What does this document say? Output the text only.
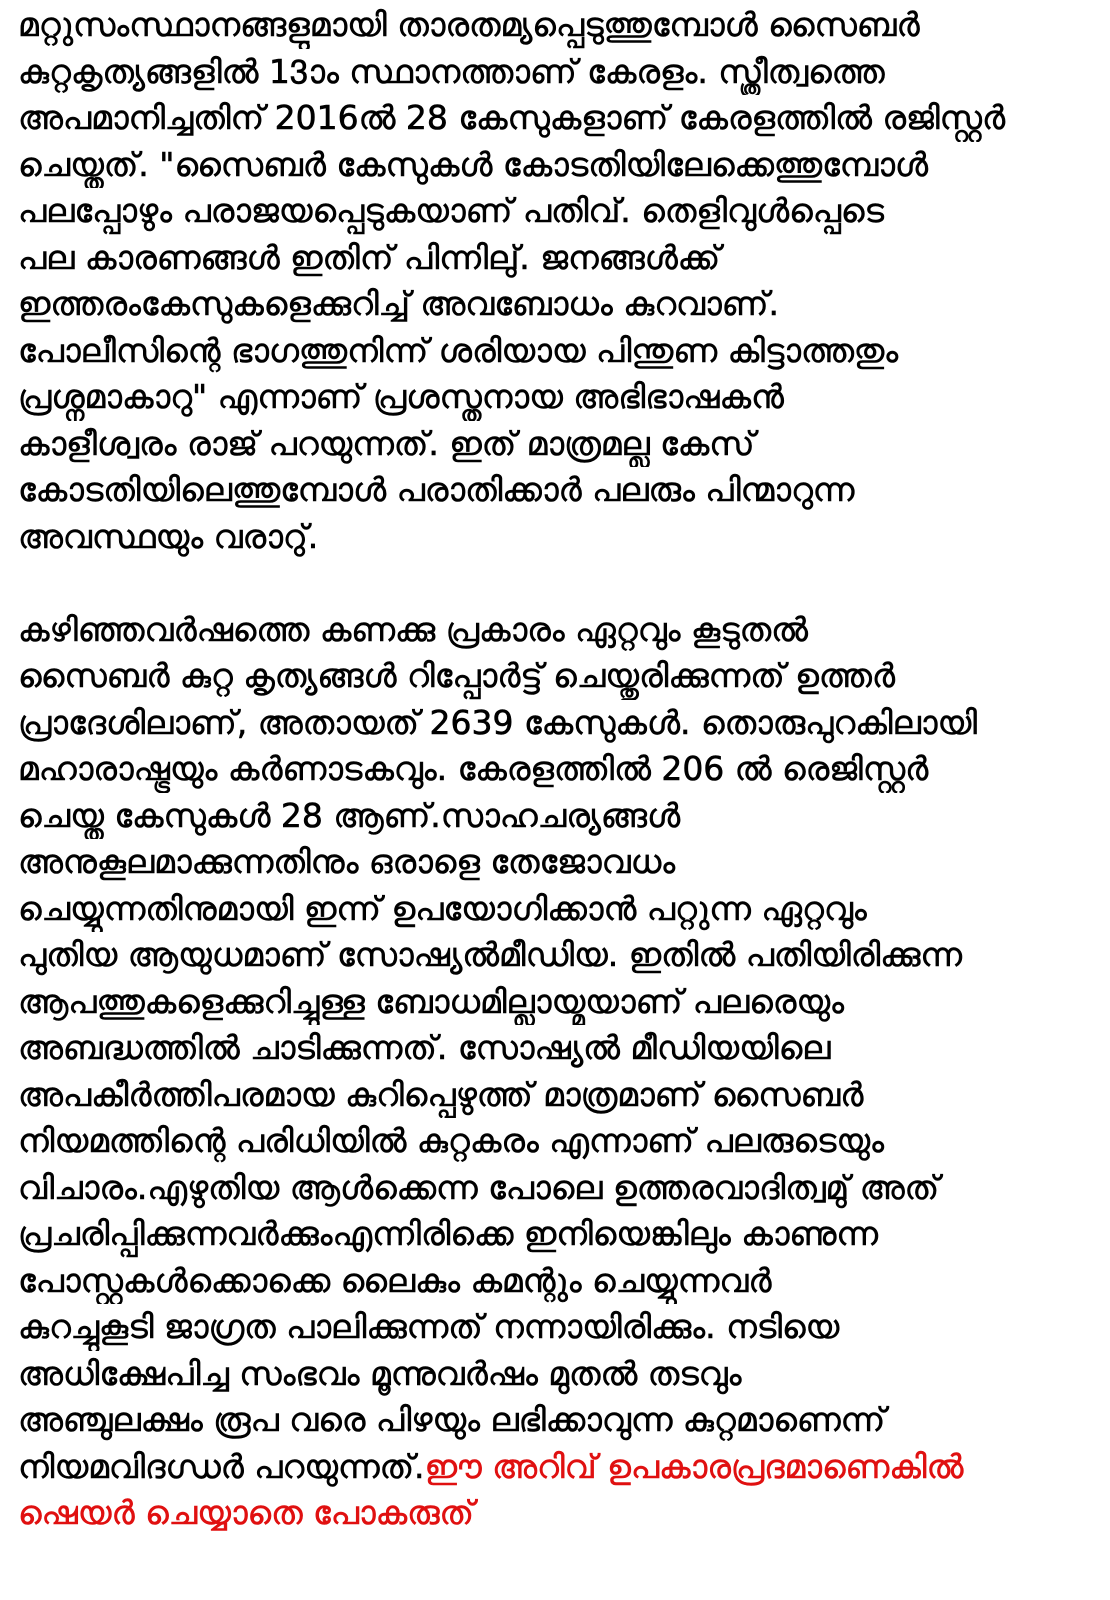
മറ്റുസംസ്ഥാനങ്ങളുമായി താരതമ്യപ്പെടുത്തുമ്പോൾ സൈബർ
കുറ്റകൃത്യങ്ങളിൽ 13ാം സ്ഥാനത്താണ് കേരളം. സ്ത്രീത്വത്തെ
അപമാനിച്ചതിന് 2016ൽ 28 കേസുകളാണ് കേരളത്തിൽ രജിസ്റ്റർ
ചെയ്തത്. "സൈബർ കേസുകൾ കോടതിയിലേക്കെത്തുമ്പോൾ
പലപ്പോഴും പരാജയപ്പെടുകയാണ് പതിവ്. തെളിവുൾപ്പെടെ
പല കാരണങ്ങൾ ഇതിന് പിന്നിലു്. ജനങ്ങൾക്ക്
ഇത്തരംകേസുകളെക്കുറിച്ച് അവബോധം കുറവാണ്.
പോലീസിന്റെ ഭാഗത്തുനിന്ന് ശരിയായ പിന്തുണ കിട്ടാത്തതും
പ്രശ്നമാകാറു" എന്നാണ് പ്രശസ്തനായ അഭിഭാഷകൻ
കാളീശ്വരം രാജ് പറയുന്നത്. ഇത് മാത്രമല്ല കേസ്
കോടതിയിലെത്തുമ്പോൾ പരാതിക്കാർ പലരും പിന്മാറുന്ന
അവസ്ഥയും വരാറു്.
കഴിഞ്ഞവർഷത്തെ കണക്കു പ്രകാരം ഏറ്റവും കൂടുതൽ
സൈബർ കുറ്റ കൃത്യങ്ങൾ റിപ്പോർട്ട് ചെയ്തുരിക്കുന്നത് ഉത്തർ
പ്രാദേശിലാണ്, അതായത് 2639 കേസുകൾ. തൊരുപുറകിലായി
മഹാരാഷ്ട്രയും കർണാടകവും. കേരളത്തിൽ 206 ൽ രെജിസ്റ്റർ
ചെയ്ത കേസുകൾ 28 ആണ്.സാഹചര്യങ്ങൾ
അനുകൂലമാക്കുന്നതിനും ഒരാളെ തേജോവധം
ചെയ്യുന്നതിനുമായി ഇന്ന് ഉപയോഗിക്കാൻ പറ്റുന്ന ഏറ്റവും
പുതിയ ആയുധമാണ് സോഷ്യൽമീഡിയ. ഇതിൽ പതിയിരിക്കുന്ന
ആപത്തുകളെക്കുറിച്ചുള്ള ബോധമില്ലായ്മയാണ് പലരെയും
അബദ്ധത്തിൽ ചാടിക്കുന്നത്. സോഷ്യൽ മീഡിയയിലെ
അപകീർത്തിപരമായ കുറിപ്പെഴുത്ത് മാത്രമാണ് സൈബർ
നിയമത്തിന്റെ പരിധിയിൽ കുറ്റകരം എന്നാണ് പലരുടെയും
വിചാരം.എഴുതിയ ആൾക്കെന്ന പോലെ ഉത്തരവാദിത്വമു് അത്
പ്രചരിപ്പിക്കുന്നവർക്കുംഎന്നിരിക്കെ ഇനിയെങ്കിലും കാണുന്ന
പോസ്റ്റുകൾക്കൊക്കെ ലൈകും കമന്റും ചെയ്യുന്നവർ
കുറച്ചുകൂടി ജാഗ്രത പാലിക്കുന്നത് നന്നായിരിക്കും. നടിയെ
അധിക്ഷേപിച്ച സംഭവം മൂന്നുവർഷം മുതൽ തടവും
അഞ്ചുലക്ഷം രൂപ വരെ പിഴയും ലഭിക്കാവുന്ന കുറ്റമാണെന്ന്
നിയമവിദഗ്ധർ പറയുന്നത്.ഈ അറിവ് ഉപകാരപ്രദമാണെകിൽ
ഷെയർ ചെയ്യാതെ പോകരുത്
